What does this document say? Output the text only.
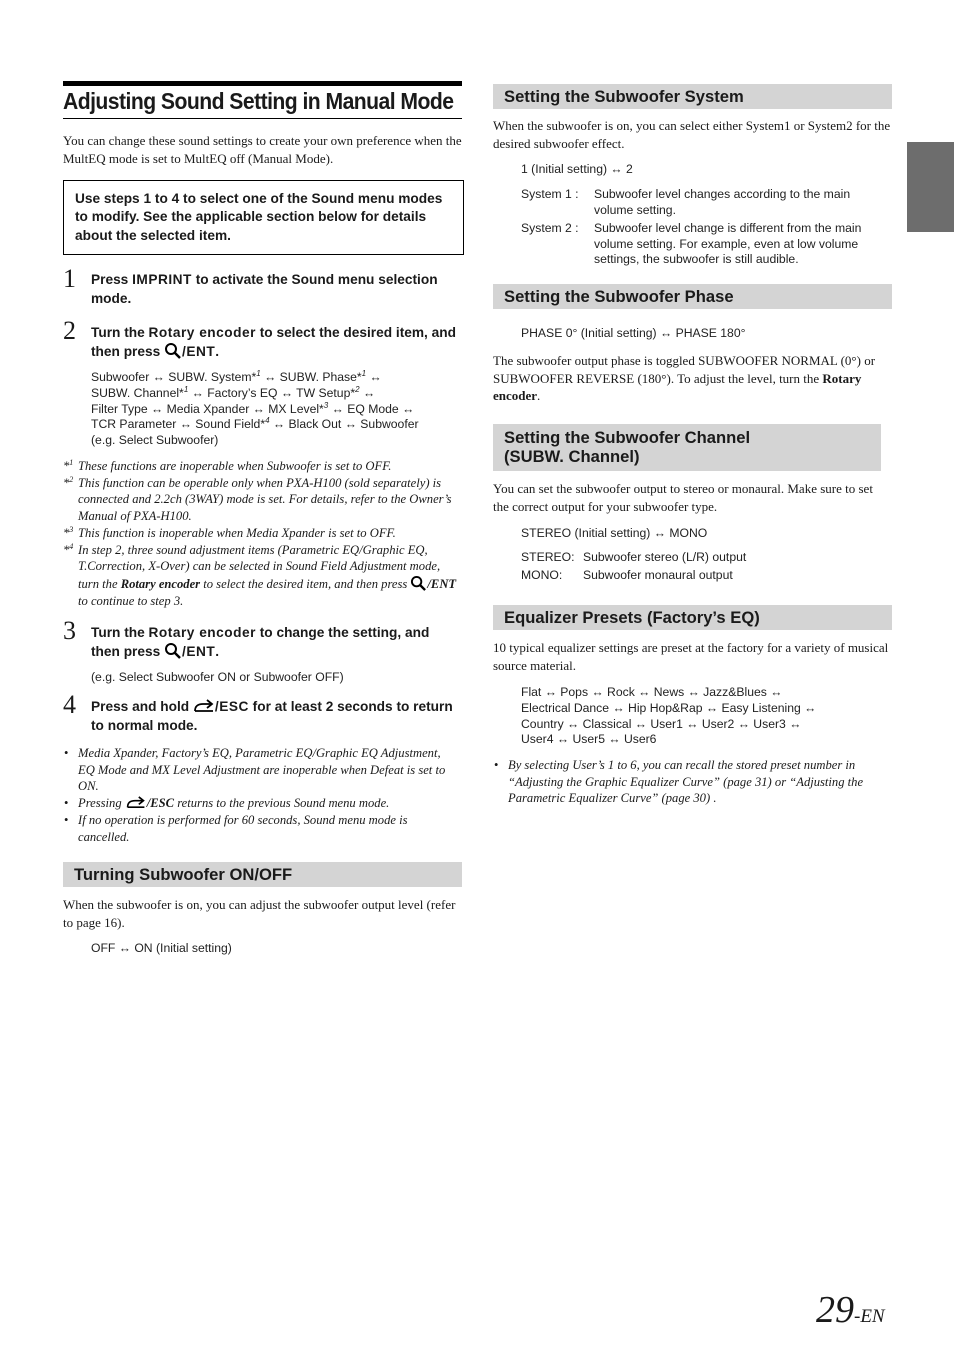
Adjusting Sound Setting in Manual Mode
You can change these sound settings to create your own preference when the MultEQ mode is set to MultEQ off (Manual Mode).
Use steps 1 to 4 to select one of the Sound menu modes to modify. See the applicable section below for details about the selected item.
1 Press IMPRINT to activate the Sound menu selection mode.
2 Turn the Rotary encoder to select the desired item, and then press /ENT.
Subwoofer ↔ SUBW. System*$^1$ ↔ SUBW. Phase*$^1$ ↔
SUBW. Channel*$^1$ ↔ Factory’s EQ ↔ TW Setup*$^2$ ↔
Filter Type ↔ Media Xpander ↔ MX Level*$^3$ ↔ EQ Mode ↔
TCR Parameter ↔ Sound Field*$^4$ ↔ Black Out ↔ Subwoofer
(e.g. Select Subwoofer)
*$^1$ These functions are inoperable when Subwoofer is set to OFF.
*$^2$ This function can be operable only when PXA-H100 (sold separately) is connected and 2.2ch (3WAY) mode is set. For details, refer to the Owner’s Manual of PXA-H100.
*$^3$ This function is inoperable when Media Xpander is set to OFF.
*$^4$ In step 2, three sound adjustment items (Parametric EQ/Graphic EQ, T.Correction, X-Over) can be selected in Sound Field Adjustment mode, turn the Rotary encoder to select the desired item, and then press /ENT to continue to step 3.
3 Turn the Rotary encoder to change the setting, and then press /ENT.
(e.g. Select Subwoofer ON or Subwoofer OFF)
4 Press and hold /ESC for at least 2 seconds to return to normal mode.
• Media Xpander, Factory’s EQ, Parametric EQ/Graphic EQ Adjustment, EQ Mode and MX Level Adjustment are inoperable when Defeat is set to ON.
• Pressing /ESC returns to the previous Sound menu mode.
• If no operation is performed for 60 seconds, Sound menu mode is cancelled.
Turning Subwoofer ON/OFF
When the subwoofer is on, you can adjust the subwoofer output level (refer to page 16).
OFF ↔ ON (Initial setting)
Setting the Subwoofer System
When the subwoofer is on, you can select either System1 or System2 for the desired subwoofer effect.
1 (Initial setting) ↔ 2
System 1 :	Subwoofer level changes according to the main volume setting.
System 2 :	Subwoofer level change is different from the main volume setting. For example, even at low volume settings, the subwoofer is still audible.
Setting the Subwoofer Phase
PHASE 0° (Initial setting) ↔ PHASE 180°
The subwoofer output phase is toggled SUBWOOFER NORMAL (0°) or SUBWOOFER REVERSE (180°). To adjust the level, turn the Rotary encoder.
Setting the Subwoofer Channel
(SUBW. Channel)
You can set the subwoofer output to stereo or monaural. Make sure to set the correct output for your subwoofer type.
STEREO (Initial setting) ↔ MONO
STEREO: Subwoofer stereo (L/R) output
MONO:	Subwoofer monaural output
Equalizer Presets (Factory’s EQ)
10 typical equalizer settings are preset at the factory for a variety of musical source material.
Flat ↔ Pops ↔ Rock ↔ News ↔ Jazz&Blues ↔
Electrical Dance ↔ Hip Hop&Rap ↔ Easy Listening ↔
Country ↔ Classical ↔ User1 ↔ User2 ↔ User3 ↔
User4 ↔ User5 ↔ User6
• By selecting User’s 1 to 6, you can recall the stored preset number in “Adjusting the Graphic Equalizer Curve” (page 31) or “Adjusting the Parametric Equalizer Curve” (page 30) .
29-EN
